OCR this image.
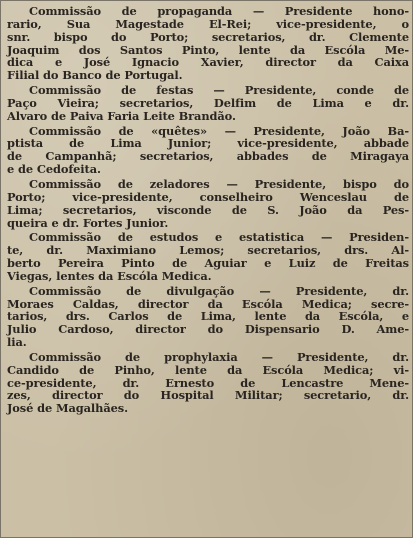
Commissão de propaganda — Presidente hono-
rario, Sua Magestade El-Rei; vice-presidente, o
snr. bispo do Porto; secretarios, dr. Clemente
Joaquim dos Santos Pinto, lente da Escóla Me-
dica e José Ignacio Xavier, director da Caixa
Filial do Banco de Portugal.
Commissão de festas — Presidente, conde de
Paço Vieira; secretarios, Delfim de Lima e dr.
Alvaro de Paiva Faria Leite Brandão.
Commissão de «quêtes» — Presidente, João Ba-
ptista de Lima Junior; vice-presidente, abbade
de Campanhã; secretarios, abbades de Miragaya
e de Cedofeita.
Commissão de zeladores — Presidente, bispo do
Porto; vice-presidente, conselheiro Wenceslau de
Lima; secretarios, visconde de S. João da Pes-
queira e dr. Fortes Junior.
Commissão de estudos e estatistica — Presiden-
te, dr. Maximiano Lemos; secretarios, drs. Al-
berto Pereira Pinto de Aguiar e Luiz de Freitas
Viegas, lentes da Escóla Medica.
Commissão de divulgação — Presidente, dr.
Moraes Caldas, director da Escóla Medica; secre-
tarios, drs. Carlos de Lima, lente da Escóla, e
Julio Cardoso, director do Dispensario D. Ame-
lia.
Commissão de prophylaxia — Presidente, dr.
Candido de Pinho, lente da Escóla Medica; vi-
ce-presidente, dr. Ernesto de Lencastre Mene-
zes, director do Hospital Militar; secretario, dr.
José de Magalhães.
